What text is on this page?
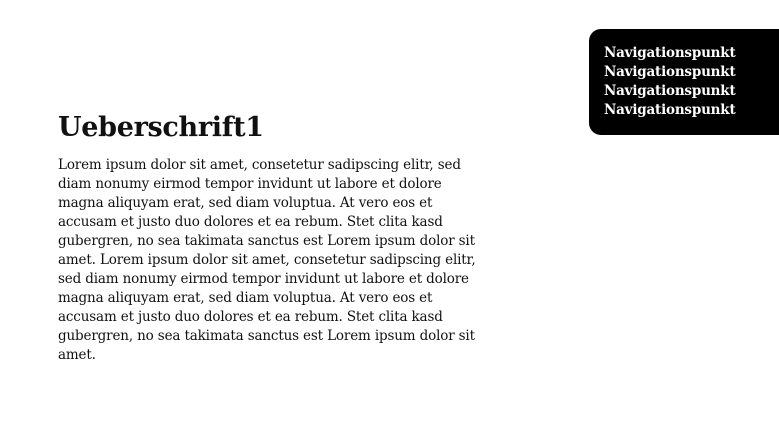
Navigationspunkt
Navigationspunkt
Navigationspunkt
Navigationspunkt
Ueberschrift1

Lorem ipsum dolor sit amet, consetetur sadipscing elitr, sed diam nonumy eirmod tempor invidunt ut labore et dolore magna aliquyam erat, sed diam voluptua. At vero eos et accusam et justo duo dolores et ea rebum. Stet clita kasd gubergren, no sea takimata sanctus est Lorem ipsum dolor sit amet. Lorem ipsum dolor sit amet, consetetur sadipscing elitr, sed diam nonumy eirmod tempor invidunt ut labore et dolore magna aliquyam erat, sed diam voluptua. At vero eos et accusam et justo duo dolores et ea rebum. Stet clita kasd gubergren, no sea takimata sanctus est Lorem ipsum dolor sit amet.
